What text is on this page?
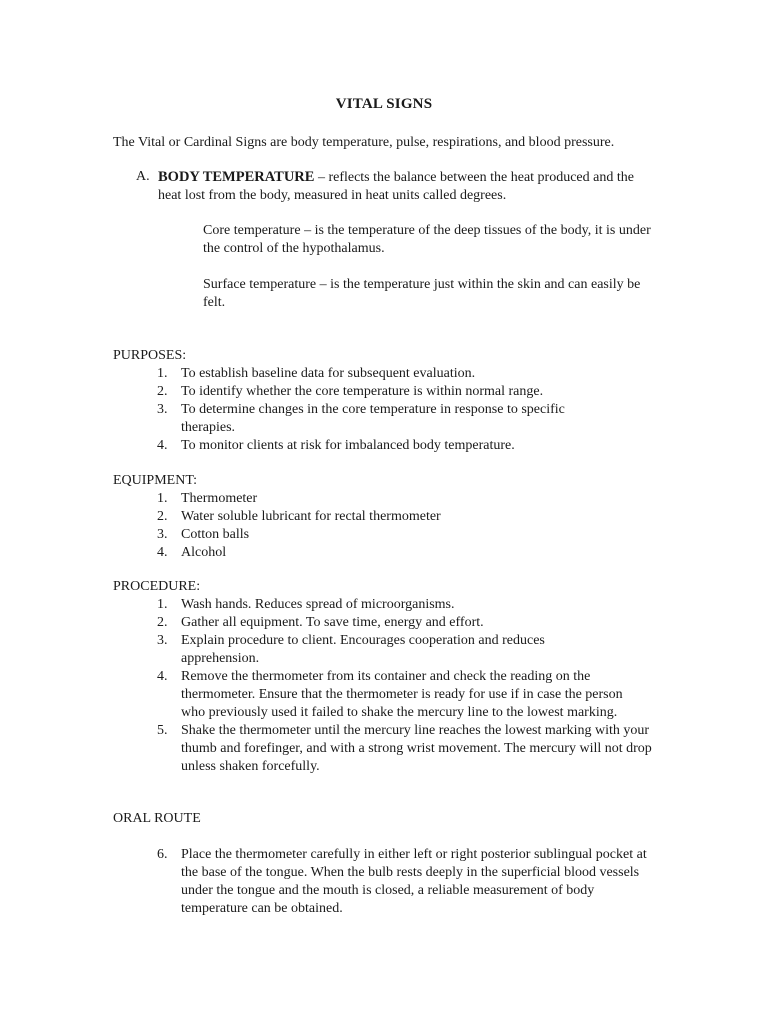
VITAL SIGNS

The Vital or Cardinal Signs are body temperature, pulse, respirations, and blood pressure.

A. BODY TEMPERATURE – reflects the balance between the heat produced and the heat lost from the body, measured in heat units called degrees.

Core temperature – is the temperature of the deep tissues of the body, it is under the control of the hypothalamus.

Surface temperature – is the temperature just within the skin and can easily be felt.

PURPOSES:

1. To establish baseline data for subsequent evaluation.
2. To identify whether the core temperature is within normal range.
3. To determine changes in the core temperature in response to specific therapies.
4. To monitor clients at risk for imbalanced body temperature.

EQUIPMENT:

1. Thermometer
2. Water soluble lubricant for rectal thermometer
3. Cotton balls
4. Alcohol

PROCEDURE:

1. Wash hands. Reduces spread of microorganisms.
2. Gather all equipment. To save time, energy and effort.
3. Explain procedure to client. Encourages cooperation and reduces apprehension.
4. Remove the thermometer from its container and check the reading on the thermometer. Ensure that the thermometer is ready for use if in case the person who previously used it failed to shake the mercury line to the lowest marking.
5. Shake the thermometer until the mercury line reaches the lowest marking with your thumb and forefinger, and with a strong wrist movement. The mercury will not drop unless shaken forcefully.

ORAL ROUTE

6. Place the thermometer carefully in either left or right posterior sublingual pocket at the base of the tongue. When the bulb rests deeply in the superficial blood vessels under the tongue and the mouth is closed, a reliable measurement of body temperature can be obtained.
